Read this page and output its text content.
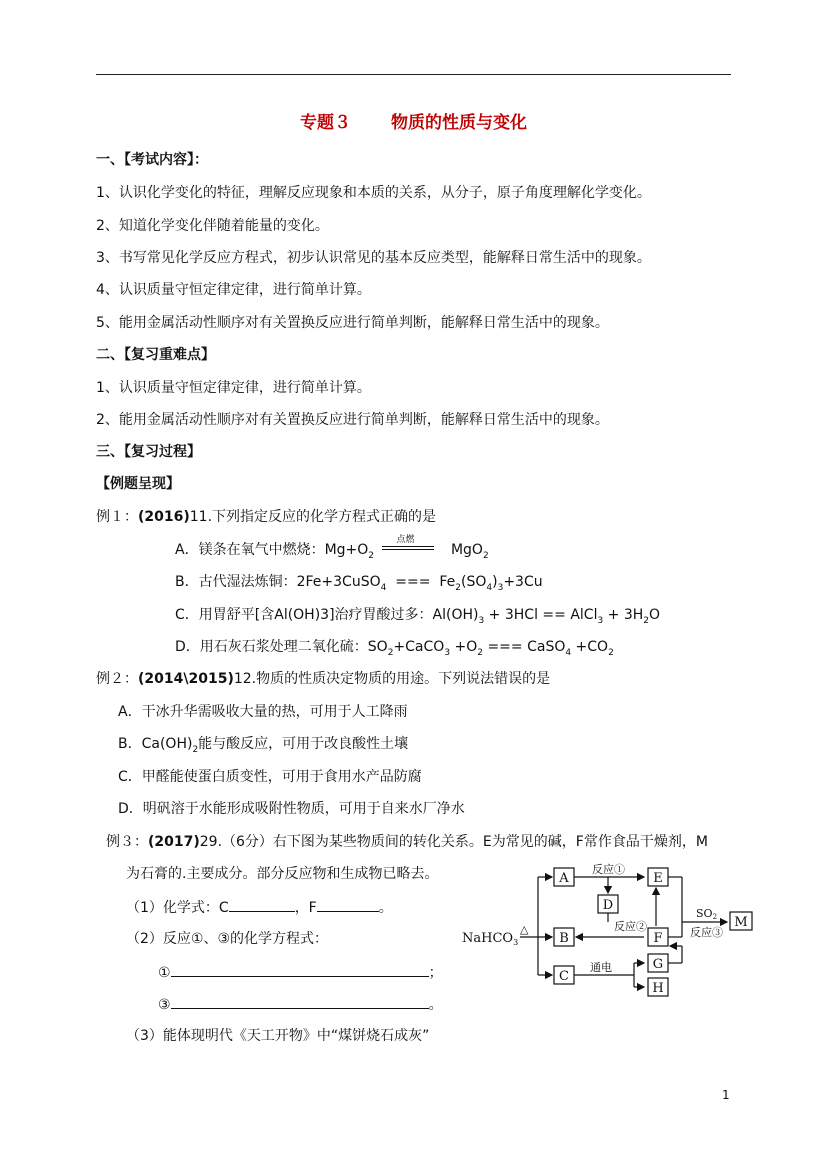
专题３ 物质的性质与变化
一、【考试内容】：
1、认识化学变化的特征，理解反应现象和本质的关系，从分子，原子角度理解化学变化。
2、知道化学变化伴随着能量的变化。
3、书写常见化学反应方程式，初步认识常见的基本反应类型，能解释日常生活中的现象。
4、认识质量守恒定律定律，进行简单计算。
5、能用金属活动性顺序对有关置换反应进行简单判断，能解释日常生活中的现象。
二、【复习重难点】
1、认识质量守恒定律定律，进行简单计算。
2、能用金属活动性顺序对有关置换反应进行简单判断，能解释日常生活中的现象。
三、【复习过程】
【例题呈现】
例１：(2016)11.下列指定反应的化学方程式正确的是
A．镁条在氧气中燃烧：$Mg+O_2$
点燃
MgO$_2$
B．古代湿法炼铜：2Fe+3CuSO$_4$ === $Fe_2(SO_4)_3+3Cu$
C．用胃舒平[含Al(OH)3]治疗胃酸过多：$Al(OH)_3 + 3HCl$ == AlCl$_3$ + $3H_2O$
D．用石灰石浆处理二氧化硫：$SO_2+CaCO_3 +O_2$ === CaSO$_4$ $+CO_2$
例２：(2014\2015)12.物质的性质决定物质的用途。下列说法错误的是
A．干冰升华需吸收大量的热，可用于人工降雨
B．$Ca(OH)_2$能与酸反应，可用于改良酸性土壤
C．甲醛能使蛋白质变性，可用于食用水产品防腐
D．明矾溶于水能形成吸附性物质，可用于自来水厂净水
例３：(2017)29.（6分）右下图为某些物质间的转化关系。E为常见的碱，F常作食品干燥剂，M
为石膏的.主要成分。部分反应物和生成物已略去。
（1）化学式：C	，F	。
（2）反应①、③的化学方程式：
①	；
③	。
（3）能体现明代《天工开物》中“煤饼烧石成灰”
NaHCO$_3$
△
反应①
反应②	反应③
SO2
通电
A
B
C
D
E
F
G
H
M
1
